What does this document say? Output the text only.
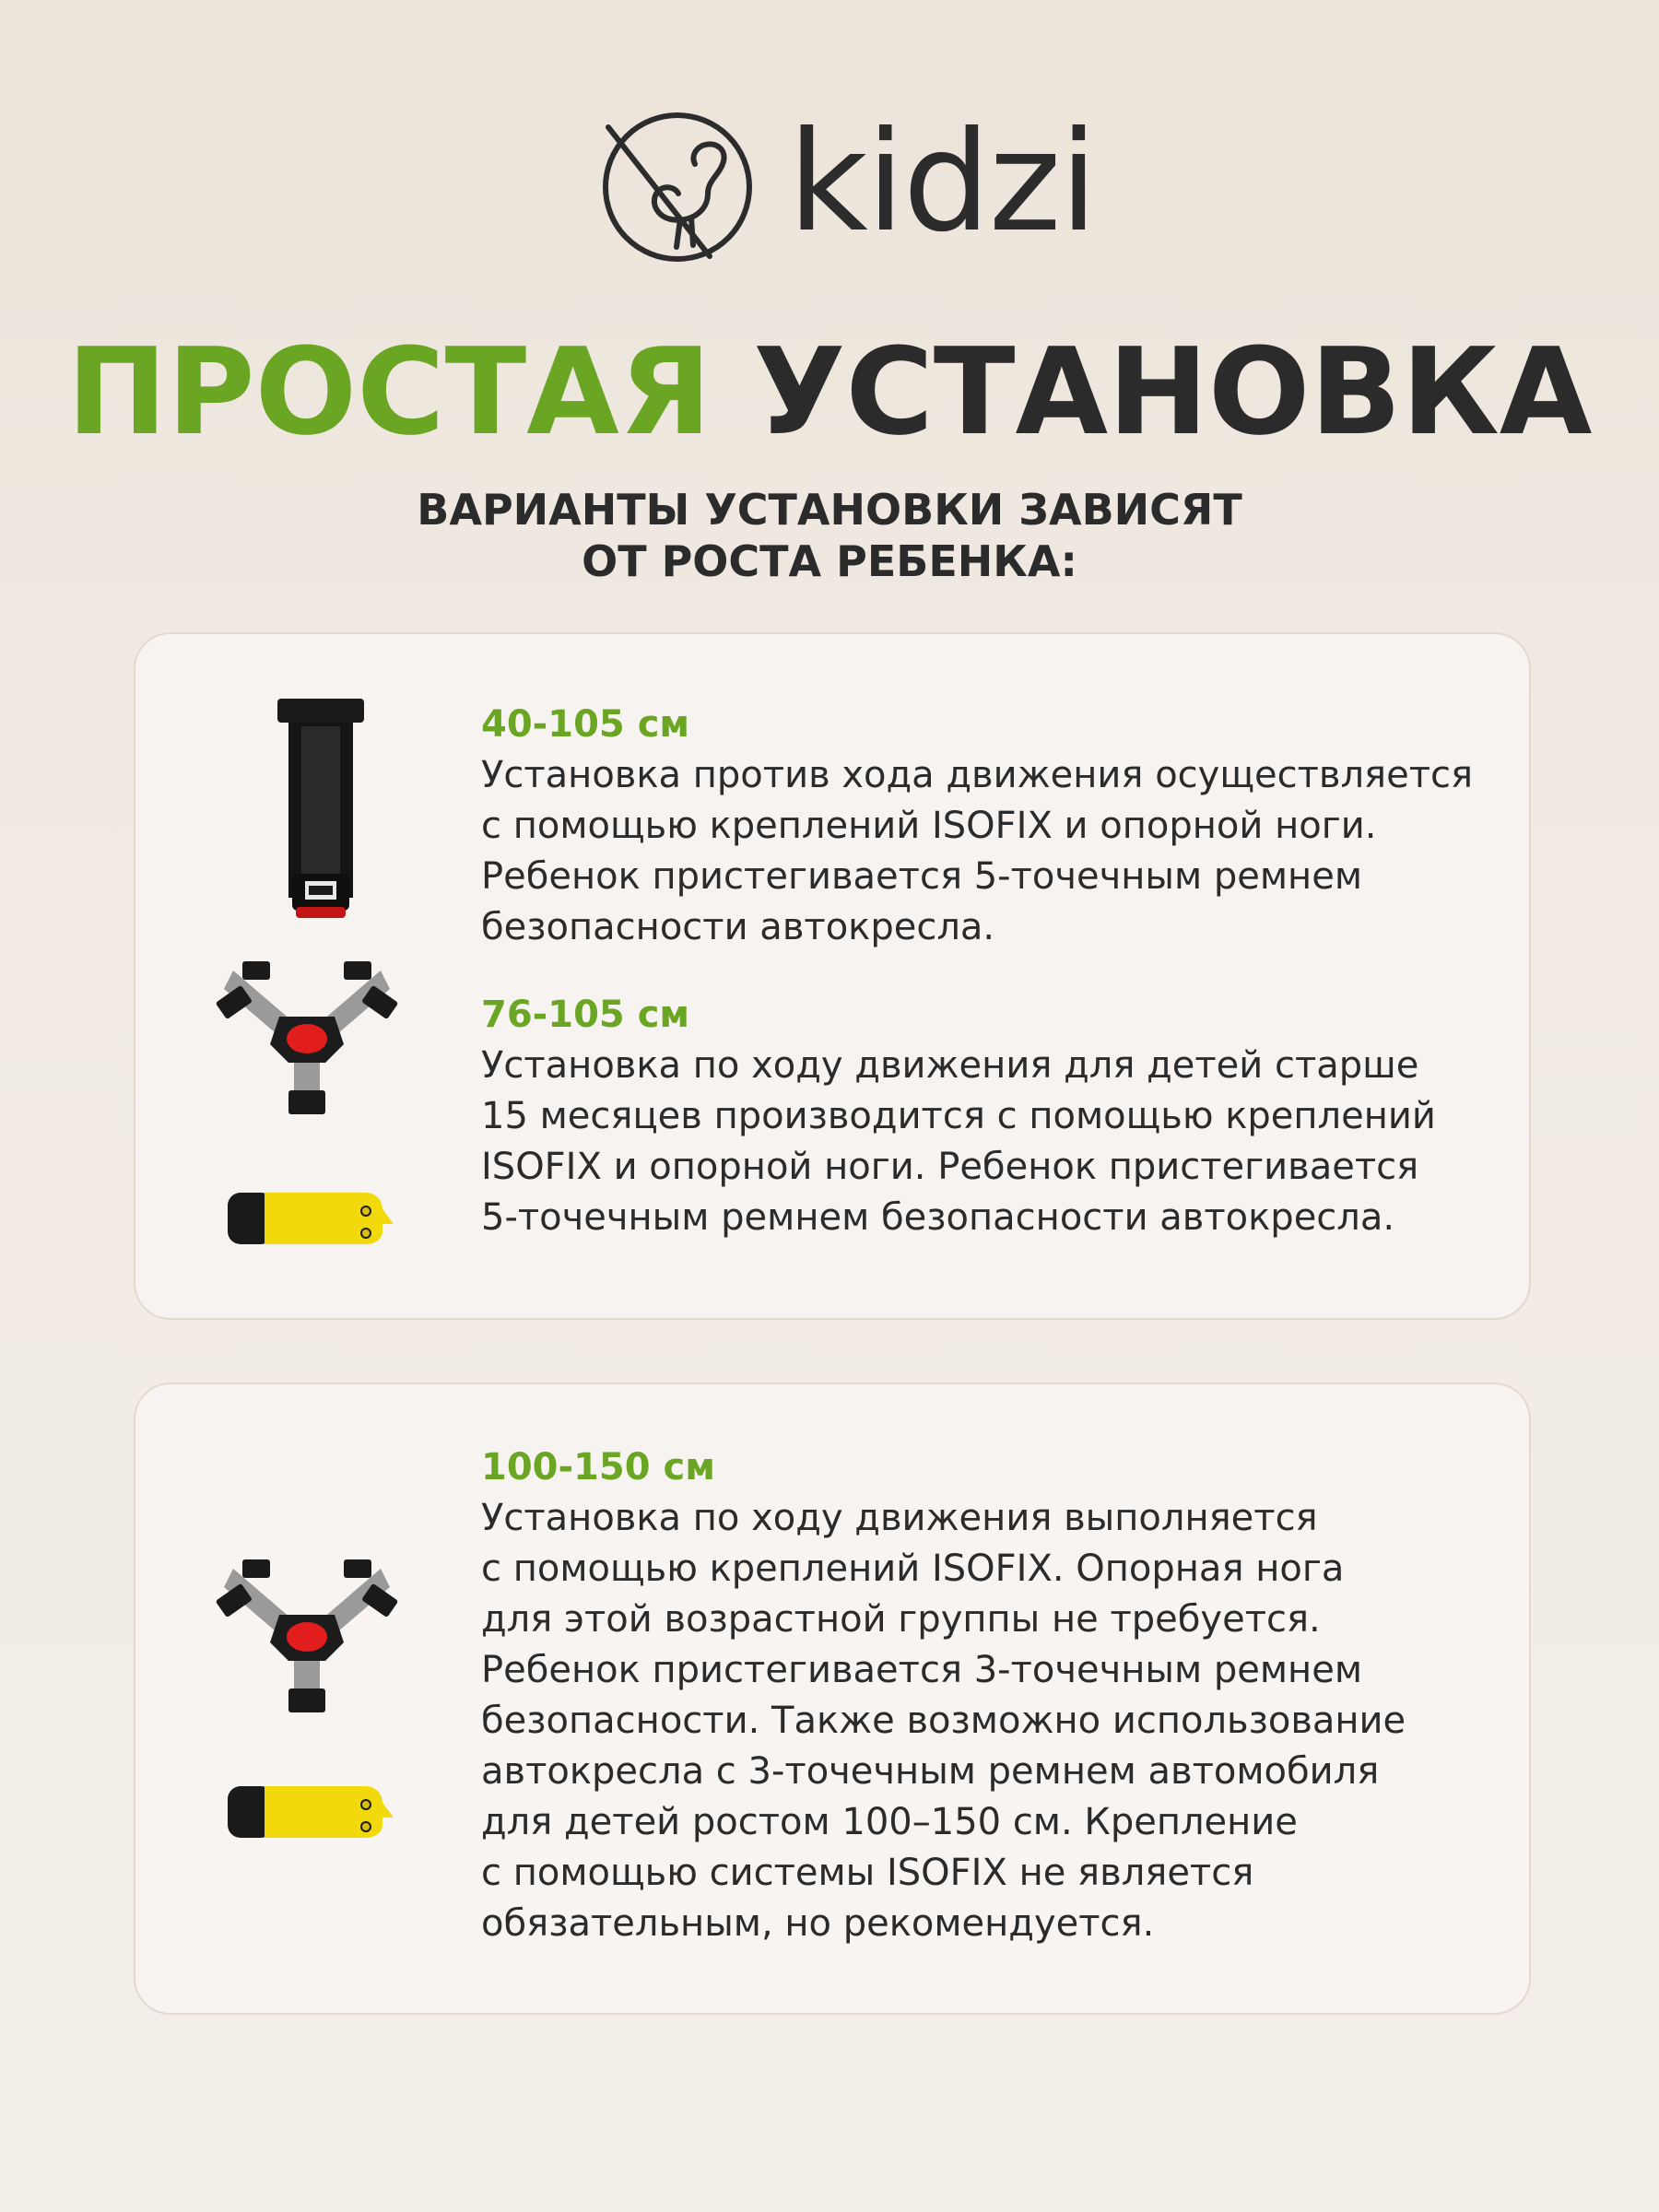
kidzi
ПРОСТАЯ УСТАНОВКА
ВАРИАНТЫ УСТАНОВКИ ЗАВИСЯТ
ОТ РОСТА РЕБЕНКА:
40-105 см
Установка против хода движения осуществляется
с помощью креплений ISOFIX и опорной ноги.
Ребенок пристегивается 5-точечным ремнем
безопасности автокресла.
76-105 см
Установка по ходу движения для детей старше
15 месяцев производится с помощью креплений
ISOFIX и опорной ноги. Ребенок пристегивается
5-точечным ремнем безопасности автокресла.
100-150 см
Установка по ходу движения выполняется
с помощью креплений ISOFIX. Опорная нога
для этой возрастной группы не требуется.
Ребенок пристегивается 3-точечным ремнем
безопасности. Также возможно использование
автокресла с 3-точечным ремнем автомобиля
для детей ростом 100–150 см. Крепление
с помощью системы ISOFIX не является
обязательным, но рекомендуется.
